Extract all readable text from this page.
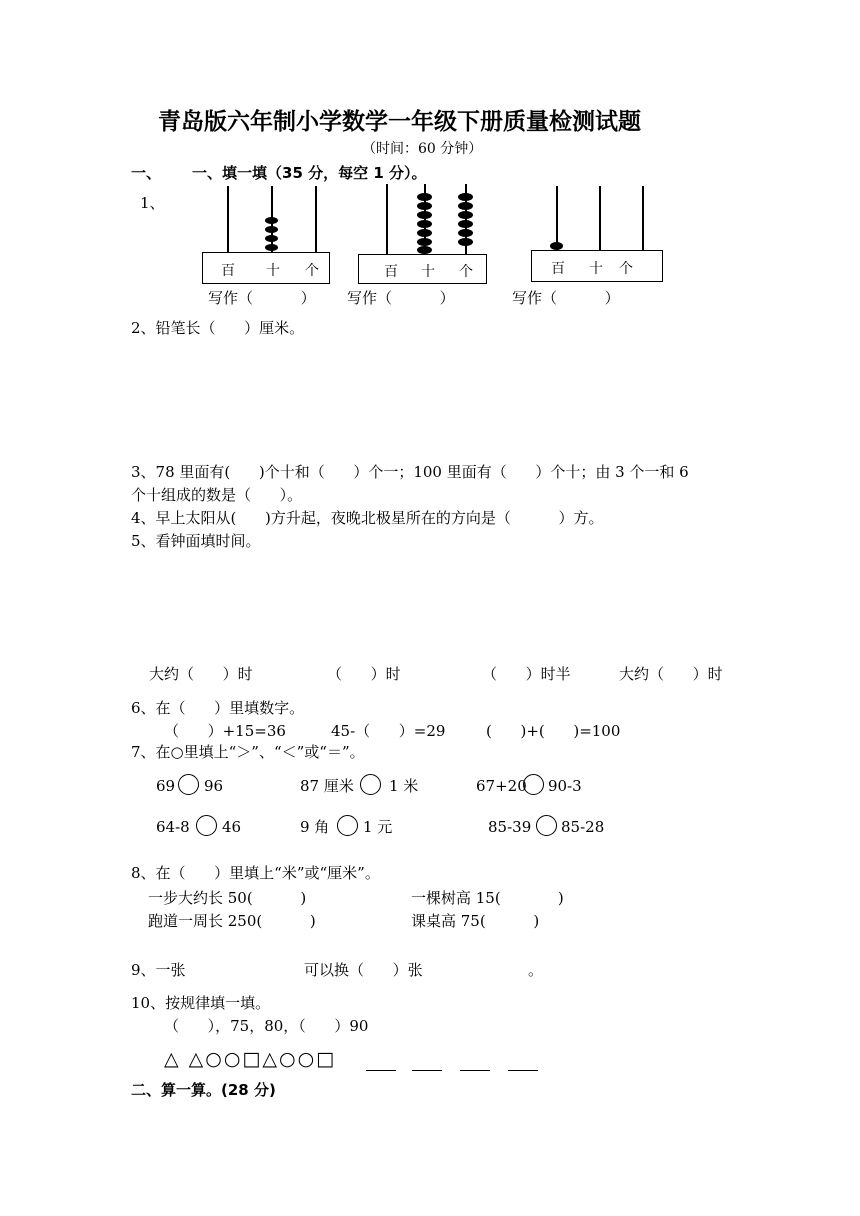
青岛版六年制小学数学一年级下册质量检测试题
（时间：60 分钟）
一、 一、填一填（35 分，每空 1 分）。
1、
百 十 个
写作（          ）
百 十 个
写作（          ）
百 十 个
写作（          ）
2、铅笔长（      ）厘米。
3、78 里面有(      )个十和（      ）个一；100 里面有（      ）个十；由 3 个一和 6
个十组成的数是（      ）。
4、早上太阳从(      )方升起，夜晚北极星所在的方向是（          ）方。
5、看钟面填时间。
大约（      ）时	（      ）时	（      ）时半	大约（      ）时
6、在（      ）里填数字。
（      ）+15=36	45-（      ）=29	(      )+(      )=100
7、在○里填上“＞”、“＜”或“＝”。
69 96	87 厘米 1 米	67+20 90-3
64-8 46	9 角 1 元	85-39 85-28
8、在（      ）里填上“米”或“厘米”。
一步大约长 50(          )	一棵树高 15(            )
跑道一周长 250(          )	课桌高 75(          )
9、一张	可以换（      ）张	。
10、按规律填一填。
（      ），75，80，（      ）90
△ △○○□△○○□
二、算一算。(28 分)
